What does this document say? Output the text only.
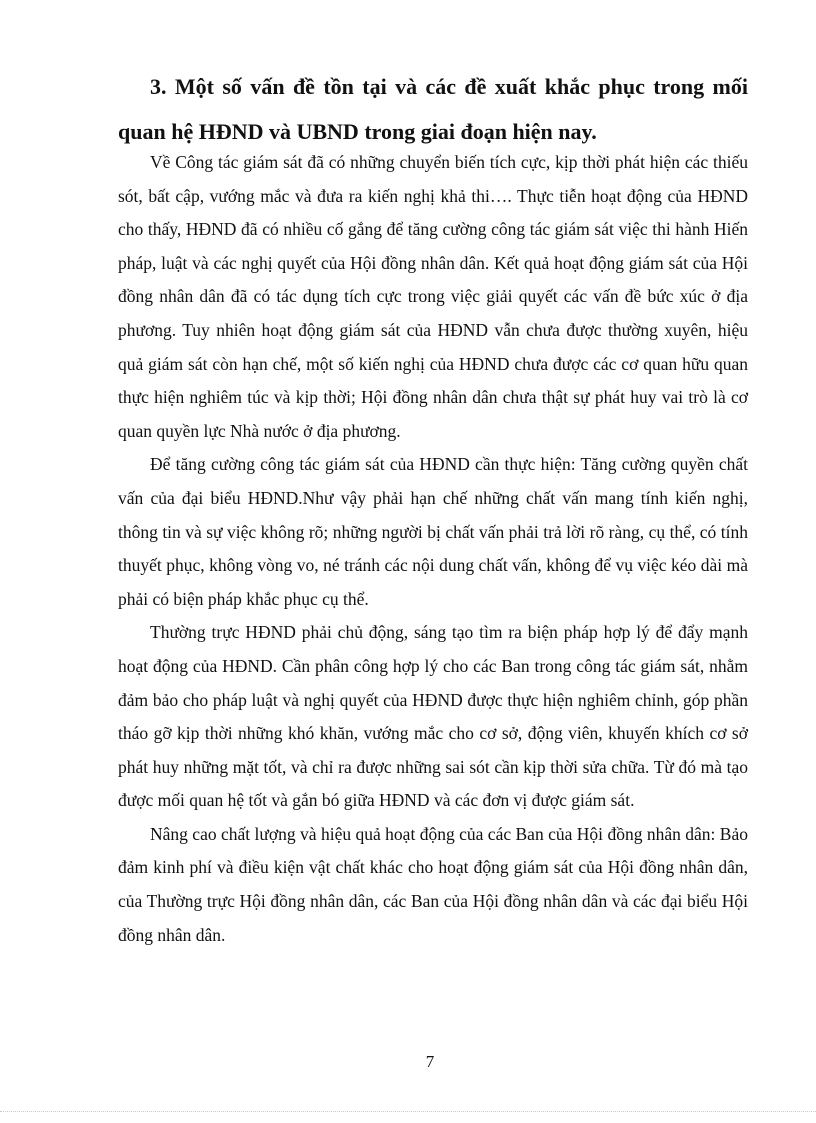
3. Một số vấn đề tồn tại và các đề xuất khắc phục trong mối quan hệ HĐND và UBND trong giai đoạn hiện nay.

Về Công tác giám sát đã có những chuyển biến tích cực, kịp thời phát hiện các thiếu sót, bất cập, vướng mắc và đưa ra kiến nghị khả thi…. Thực tiễn hoạt động của HĐND cho thấy, HĐND đã có nhiều cố gắng để tăng cường công tác giám sát việc thi hành Hiến pháp, luật và các nghị quyết của Hội đồng nhân dân. Kết quả hoạt động giám sát của Hội đồng nhân dân đã có tác dụng tích cực trong việc giải quyết các vấn đề bức xúc ở địa phương. Tuy nhiên hoạt động giám sát của HĐND vẫn chưa được thường xuyên, hiệu quả giám sát còn hạn chế, một số kiến nghị của HĐND chưa được các cơ quan hữu quan thực hiện nghiêm túc và kịp thời; Hội đồng nhân dân chưa thật sự phát huy vai trò là cơ quan quyền lực Nhà nước ở địa phương.

Để tăng cường công tác giám sát của HĐND cần thực hiện: Tăng cường quyền chất vấn của đại biểu HĐND.Như vậy phải hạn chế những chất vấn mang tính kiến nghị, thông tin và sự việc không rõ; những người bị chất vấn phải trả lời rõ ràng, cụ thể, có tính thuyết phục, không vòng vo, né tránh các nội dung chất vấn, không để vụ việc kéo dài mà phải có biện pháp khắc phục cụ thể.

Thường trực HĐND phải chủ động, sáng tạo tìm ra biện pháp hợp lý để đẩy mạnh hoạt động của HĐND. Cần phân công hợp lý cho các Ban trong công tác giám sát, nhằm đảm bảo cho pháp luật và nghị quyết của HĐND được thực hiện nghiêm chỉnh, góp phần tháo gỡ kịp thời những khó khăn, vướng mắc cho cơ sở, động viên, khuyến khích cơ sở phát huy những mặt tốt, và chỉ ra được những sai sót cần kịp thời sửa chữa. Từ đó mà tạo được mối quan hệ tốt và gắn bó giữa HĐND và các đơn vị được giám sát.

Nâng cao chất lượng và hiệu quả hoạt động của các Ban của Hội đồng nhân dân: Bảo đảm kinh phí và điều kiện vật chất khác cho hoạt động giám sát của Hội đồng nhân dân, của Thường trực Hội đồng nhân dân, các Ban của Hội đồng nhân dân và các đại biểu Hội đồng nhân dân.

7
